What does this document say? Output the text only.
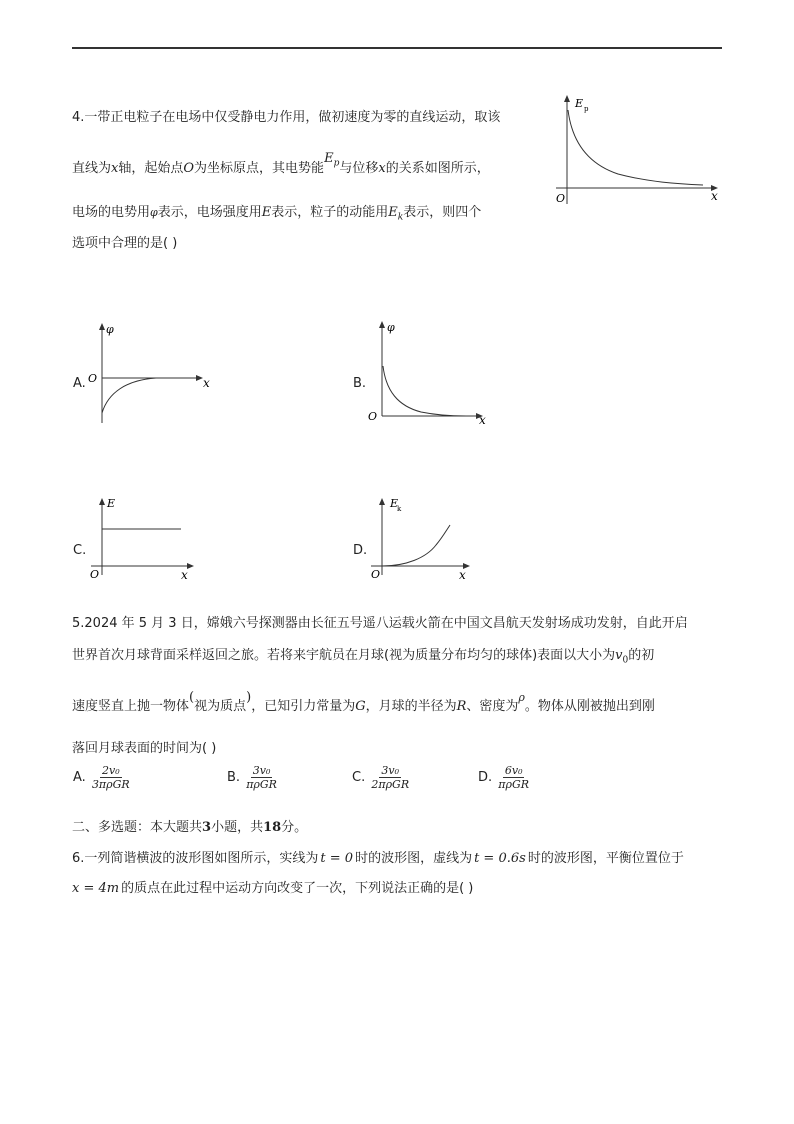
4.一带正电粒子在电场中仅受静电力作用，做初速度为零的直线运动，取该
直线为x轴，起始点O为坐标原点，其电势能$E_p$与位移x的关系如图所示，
电场的电势用φ表示，电场强度用E表示，粒子的动能用$E_k$表示，则四个
选项中合理的是( )
E p
x
O
A.
φ
x
O	B.
φ
x
O
C.
E
x
O
D.
E
k
x
O
5.2024 年 5 月 3 日，嫦娥六号探测器由长征五号遥八运载火箭在中国文昌航天发射场成功发射，自此开启
世界首次月球背面采样返回之旅。若将来宇航员在月球(视为质量分布均匀的球体)表面以大小为$v_0$的初
速度竖直上抛一物体(视为质点)，已知引力常量为G，月球的半径为R、密度为$^\rho$。物体从刚被抛出到刚
落回月球表面的时间为( )
A. $\frac{\text{2v₀}}{\text{3πρGR}}$	B. $\frac{\text{3v₀}}{\text{πρGR}}$	C. $\frac{\text{3v₀}}{\text{2πρGR}}$	D. $\frac{\text{6v₀}}{\text{πρGR}}$
二、多选题：本大题共3小题，共18分。
6.一列简谐横波的波形图如图所示，实线为 t = 0 时的波形图，虚线为 t = 0.6s 时的波形图，平衡位置位于
x = 4m 的质点在此过程中运动方向改变了一次，下列说法正确的是( )
